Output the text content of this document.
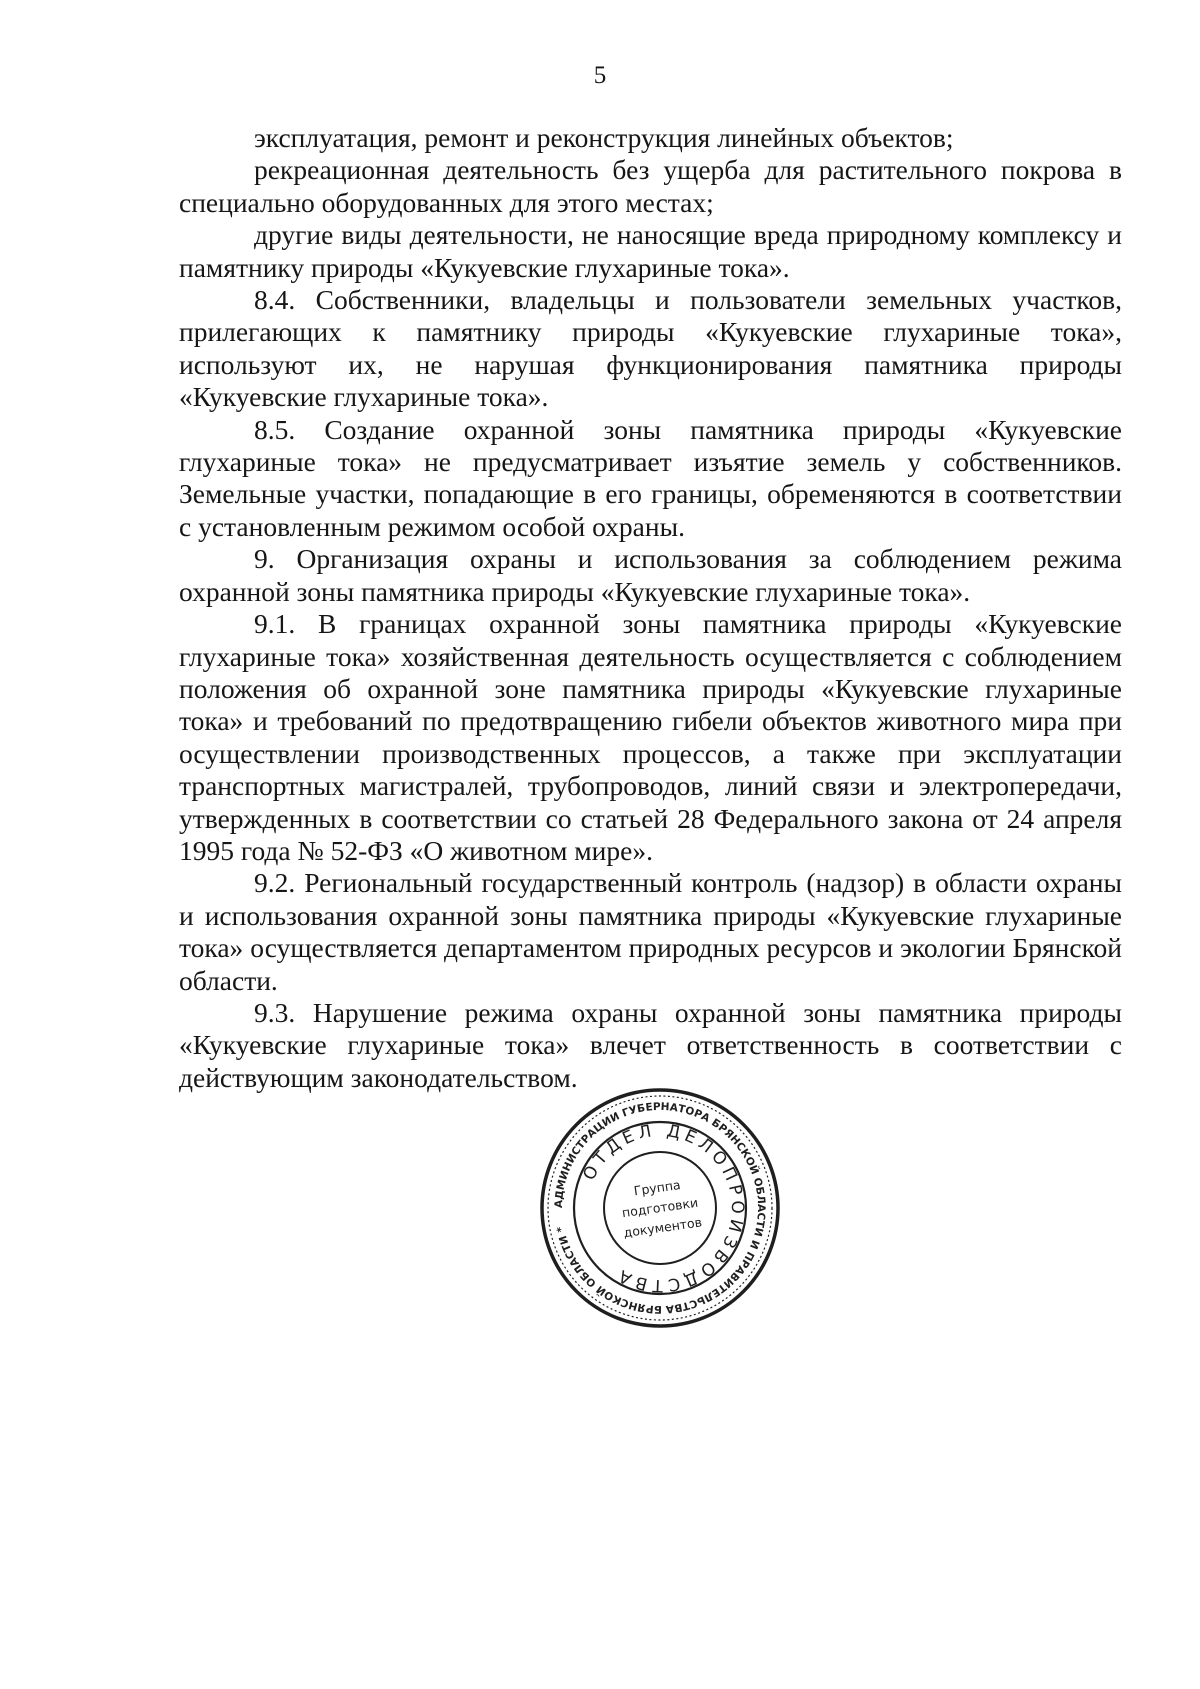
5

эксплуатация, ремонт и реконструкция линейных объектов;

рекреационная деятельность без ущерба для растительного покрова в специально оборудованных для этого местах;

другие виды деятельности, не наносящие вреда природному комплексу и памятнику природы «Кукуевские глухариные тока».

8.4. Собственники, владельцы и пользователи земельных участков, прилегающих к памятнику природы «Кукуевские глухариные тока», используют их, не нарушая функционирования памятника природы «Кукуевские глухариные тока».

8.5. Создание охранной зоны памятника природы «Кукуевские глухариные тока» не предусматривает изъятие земель у собственников. Земельные участки, попадающие в его границы, обременяются в соответствии с установленным режимом особой охраны.

9. Организация охраны и использования за соблюдением режима охранной зоны памятника природы «Кукуевские глухариные тока».

9.1. В границах охранной зоны памятника природы «Кукуевские глухариные тока» хозяйственная деятельность осуществляется с соблюдением положения об охранной зоне памятника природы «Кукуевские глухариные тока» и требований по предотвращению гибели объектов животного мира при осуществлении производственных процессов, а также при эксплуатации транспортных магистралей, трубопроводов, линий связи и электропередачи, утвержденных в соответствии со статьей 28 Федерального закона от 24 апреля 1995 года № 52-ФЗ «О животном мире».

9.2. Региональный государственный контроль (надзор) в области охраны и использования охранной зоны памятника природы «Кукуевские глухариные тока» осуществляется департаментом природных ресурсов и экологии Брянской области.

9.3. Нарушение режима охраны охранной зоны памятника природы «Кукуевские глухариные тока» влечет ответственность в соответствии с действующим законодательством.

АДМИНИСТРАЦИИ ГУБЕРНАТОРА БРЯНСКОЙ ОБЛАСТИ И ПРАВИТЕЛЬСТВА БРЯНСКОЙ ОБЛАСТИ *
ОТДЕЛ ДЕЛОПРОИЗВОДСТВА
Группа
подготовки
документов
